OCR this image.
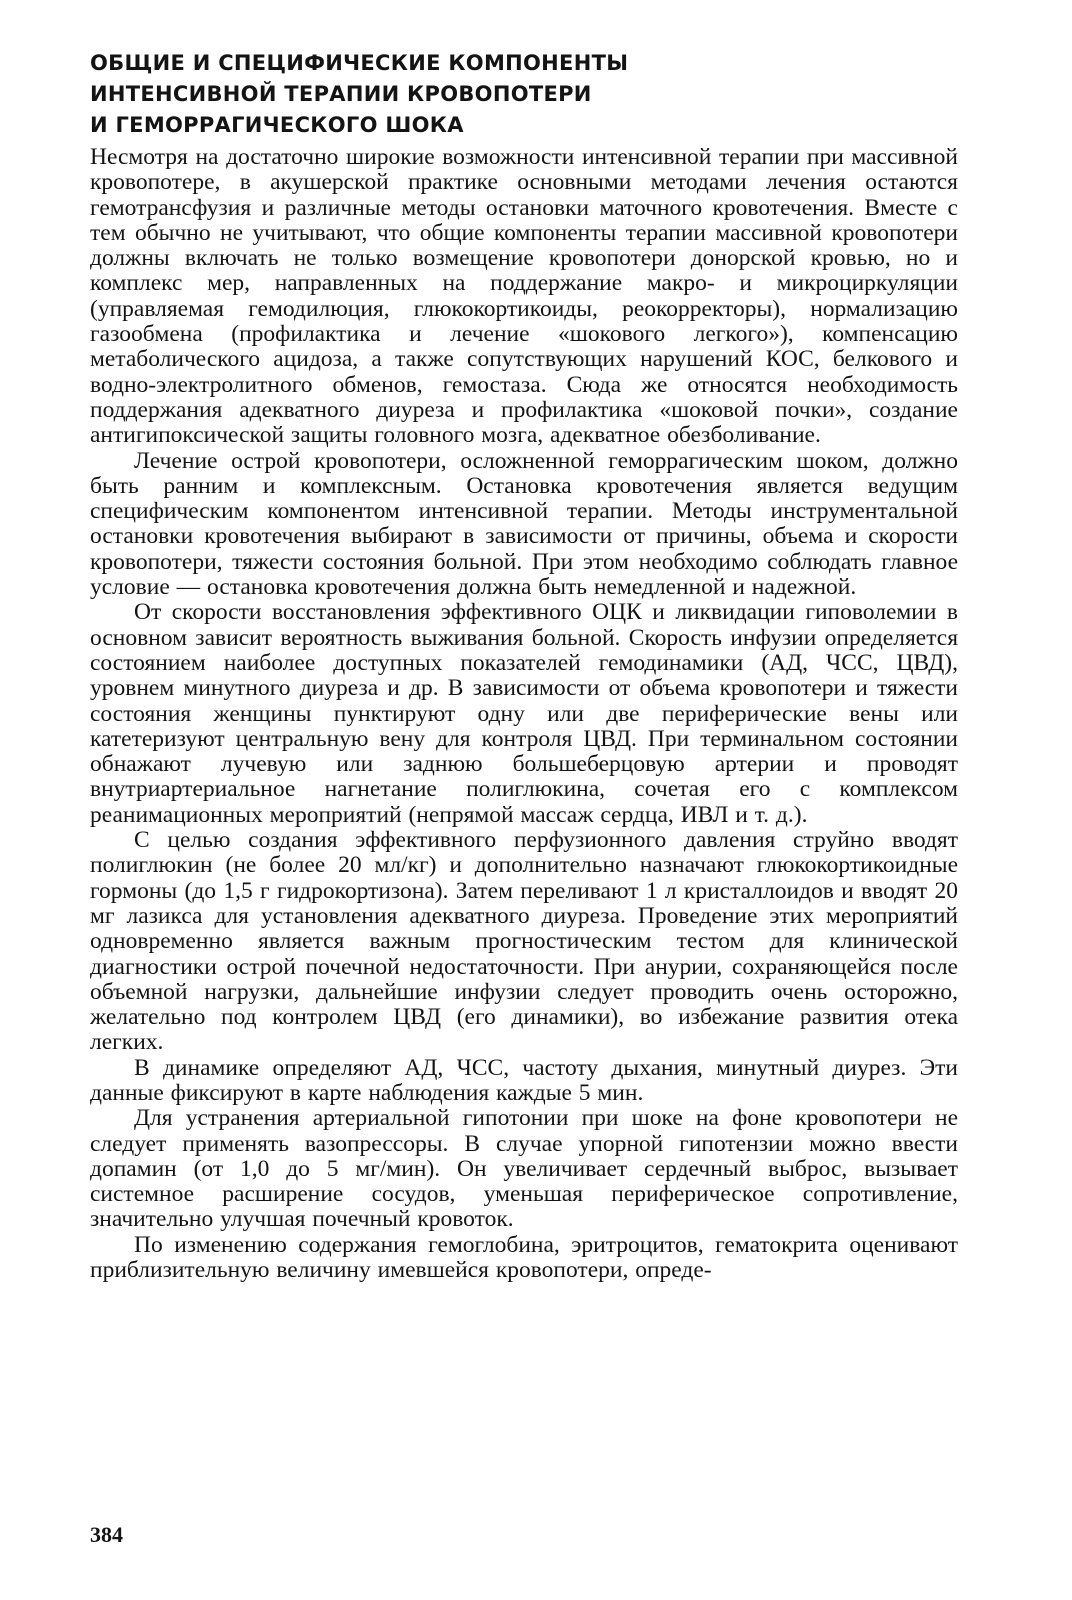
ОБЩИЕ И СПЕЦИФИЧЕСКИЕ КОМПОНЕНТЫ
ИНТЕНСИВНОЙ ТЕРАПИИ КРОВОПОТЕРИ
И ГЕМОРРАГИЧЕСКОГО ШОКА

Несмотря на достаточно широкие возможности интенсивной терапии при массивной кровопотере, в акушерской практике основными методами лечения остаются гемотрансфузия и различные методы остановки маточного кровотечения. Вместе с тем обычно не учитывают, что общие компоненты терапии массивной кровопотери должны включать не только возмещение кровопотери донорской кровью, но и комплекс мер, направленных на поддержание макро- и микроциркуляции (управляемая гемодилюция, глюкокортикоиды, реокорректоры), нормализацию газообмена (профилактика и лечение «шокового легкого»), компенсацию метаболического ацидоза, а также сопутствующих нарушений КОС, белкового и водно-электролитного обменов, гемостаза. Сюда же относятся необходимость поддержания адекватного диуреза и профилактика «шоковой почки», создание антигипоксической защиты головного мозга, адекватное обезболивание.

Лечение острой кровопотери, осложненной геморрагическим шоком, должно быть ранним и комплексным. Остановка кровотечения является ведущим специфическим компонентом интенсивной терапии. Методы инструментальной остановки кровотечения выбирают в зависимости от причины, объема и скорости кровопотери, тяжести состояния больной. При этом необходимо соблюдать главное условие — остановка кровотечения должна быть немедленной и надежной.

От скорости восстановления эффективного ОЦК и ликвидации гиповолемии в основном зависит вероятность выживания больной. Скорость инфузии определяется состоянием наиболее доступных показателей гемодинамики (АД, ЧСС, ЦВД), уровнем минутного диуреза и др. В зависимости от объема кровопотери и тяжести состояния женщины пунктируют одну или две периферические вены или катетеризуют центральную вену для контроля ЦВД. При терминальном состоянии обнажают лучевую или заднюю большеберцовую артерии и проводят внутриартериальное нагнетание полиглюкина, сочетая его с комплексом реанимационных мероприятий (непрямой массаж сердца, ИВЛ и т. д.).

С целью создания эффективного перфузионного давления струйно вводят полиглюкин (не более 20 мл/кг) и дополнительно назначают глюкокортикоидные гормоны (до 1,5 г гидрокортизона). Затем переливают 1 л кристаллоидов и вводят 20 мг лазикса для установления адекватного диуреза. Проведение этих мероприятий одновременно является важным прогностическим тестом для клинической диагностики острой почечной недостаточности. При анурии, сохраняющейся после объемной нагрузки, дальнейшие инфузии следует проводить очень осторожно, желательно под контролем ЦВД (его динамики), во избежание развития отека легких.

В динамике определяют АД, ЧСС, частоту дыхания, минутный диурез. Эти данные фиксируют в карте наблюдения каждые 5 мин.

Для устранения артериальной гипотонии при шоке на фоне кровопотери не следует применять вазопрессоры. В случае упорной гипотензии можно ввести допамин (от 1,0 до 5 мг/мин). Он увеличивает сердечный выброс, вызывает системное расширение сосудов, уменьшая периферическое сопротивление, значительно улучшая почечный кровоток.

По изменению содержания гемоглобина, эритроцитов, гематокрита оценивают приблизительную величину имевшейся кровопотери, опреде-

384
